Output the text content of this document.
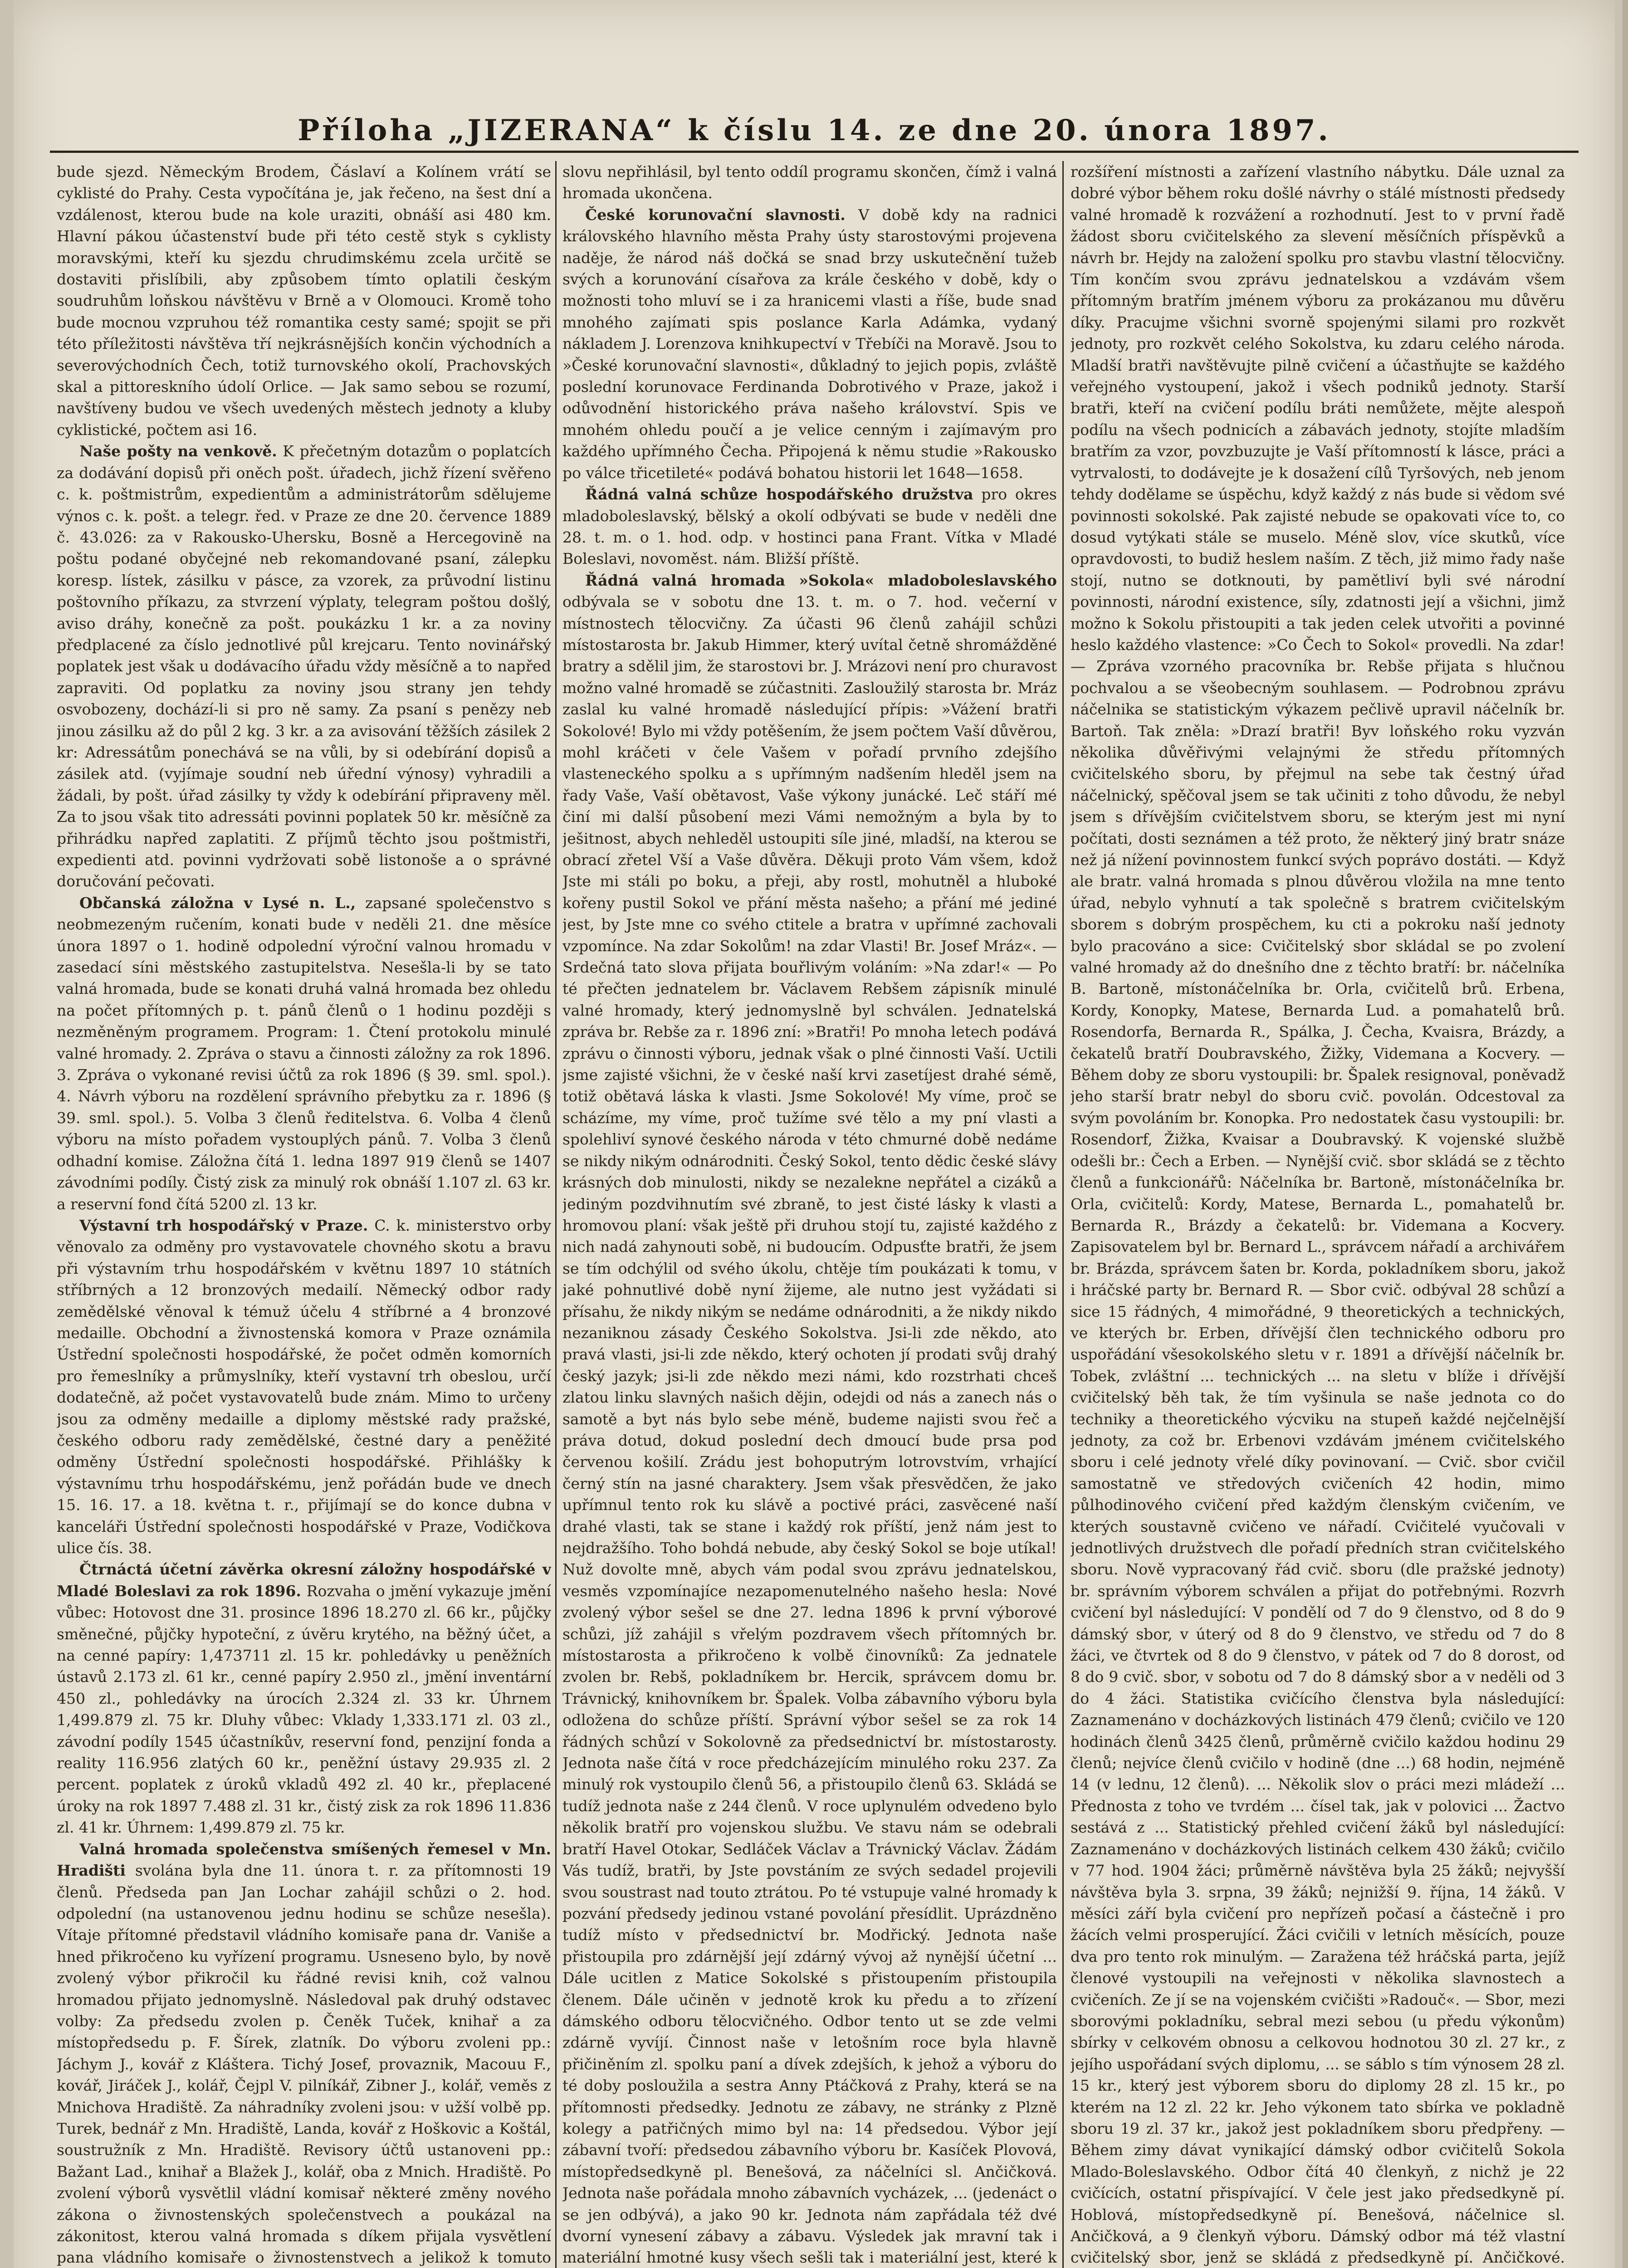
Příloha „JIZERANA“ k číslu 14. ze dne 20. února 1897.

bude sjezd. Německým Brodem, Čáslaví a Kolínem vrátí se cyklisté do Prahy. Cesta vypočítána je, jak řečeno, na šest dní a vzdálenost, kterou bude na kole uraziti, obnáší asi 480 km. Hlavní pákou účastenství bude při této cestě styk s cyklisty moravskými, kteří ku sjezdu chrudimskému zcela určitě se dostaviti přislíbili, aby způsobem tímto oplatili českým soudruhům loňskou návštěvu v Brně a v Olomouci. Kromě toho bude mocnou vzpruhou též romantika cesty samé; spojit se při této příležitosti návštěva tří nejkrásnějších končin východních a severovýchodních Čech, totiž turnovského okolí, Prachovských skal a pittoreskního údolí Orlice. — Jak samo sebou se rozumí, navštíveny budou ve všech uvedených městech jednoty a kluby cyklistické, počtem asi 16.

Naše pošty na venkově. K přečetným dotazům o poplatcích za dodávání dopisů při oněch pošt. úřadech, jichž řízení svěřeno c. k. poštmistrům, expedientům a administrátorům sdělujeme výnos c. k. pošt. a telegr. řed. v Praze ze dne 20. července 1889 č. 43.026: za v Rakousko-Uhersku, Bosně a Hercegovině na poštu podané obyčejné neb rekomandované psaní, zálepku koresp. lístek, zásilku v pásce, za vzorek, za průvodní listinu poštovního příkazu, za stvrzení výplaty, telegram poštou došlý, aviso dráhy, konečně za pošt. poukázku 1 kr. a za noviny předplacené za číslo jednotlivé půl krejcaru. Tento novinářský poplatek jest však u dodávacího úřadu vždy měsíčně a to napřed zapraviti. Od poplatku za noviny jsou strany jen tehdy osvobozeny, dochází-li si pro ně samy. Za psaní s penězy neb jinou zásilku až do půl 2 kg. 3 kr. a za avisování těžších zásilek 2 kr: Adressátům ponechává se na vůli, by si odebírání dopisů a zásilek atd. (vyjímaje soudní neb úřední výnosy) vyhradili a žádali, by pošt. úřad zásilky ty vždy k odebírání připraveny měl. Za to jsou však tito adressáti povinni poplatek 50 kr. měsíčně za přihrádku napřed zaplatiti. Z příjmů těchto jsou poštmistři, expedienti atd. povinni vydržovati sobě listonoše a o správné doručování pečovati.

Občanská záložna v Lysé n. L., zapsané společenstvo s neobmezeným ručením, konati bude v neděli 21. dne měsíce února 1897 o 1. hodině odpolední výroční valnou hromadu v zasedací síni městského zastupitelstva. Nesešla-li by se tato valná hromada, bude se konati druhá valná hromada bez ohledu na počet přítomných p. t. pánů členů o 1 hodinu později s nezměněným programem. Program: 1. Čtení protokolu minulé valné hromady. 2. Zpráva o stavu a činnosti záložny za rok 1896. 3. Zpráva o vykonané revisi účtů za rok 1896 (§ 39. sml. spol.). 4. Návrh výboru na rozdělení správního přebytku za r. 1896 (§ 39. sml. spol.). 5. Volba 3 členů ředitelstva. 6. Volba 4 členů výboru na místo pořadem vystouplých pánů. 7. Volba 3 členů odhadní komise. Záložna čítá 1. ledna 1897 919 členů se 1407 závodními podíly. Čistý zisk za minulý rok obnáší 1.107 zl. 63 kr. a reservní fond čítá 5200 zl. 13 kr.

Výstavní trh hospodářský v Praze. C. k. ministerstvo orby věnovalo za odměny pro vystavovatele chovného skotu a bravu při výstavním trhu hospodářském v květnu 1897 10 státních stříbrných a 12 bronzových medailí. Německý odbor rady zemědělské věnoval k témuž účelu 4 stříbrné a 4 bronzové medaille. Obchodní a živnostenská komora v Praze oznámila Ústřední společnosti hospodářské, že počet odměn komorních pro řemeslníky a průmyslníky, kteří vystavní trh obeslou, určí dodatečně, až počet vystavovatelů bude znám. Mimo to určeny jsou za odměny medaille a diplomy městské rady pražské, českého odboru rady zemědělské, čestné dary a peněžité odměny Ústřední společnosti hospodářské. Přihlášky k výstavnímu trhu hospodářskému, jenž pořádán bude ve dnech 15. 16. 17. a 18. května t. r., přijímají se do konce dubna v kanceláři Ústřední společnosti hospodářské v Praze, Vodičkova ulice čís. 38.

Čtrnáctá účetní závěrka okresní záložny hospodářské v Mladé Boleslavi za rok 1896. Rozvaha o jmění vykazuje jmění vůbec: Hotovost dne 31. prosince 1896 18.270 zl. 66 kr., půjčky směnečné, půjčky hypoteční, z úvěru krytého, na běžný účet, a na cenné papíry: 1,473711 zl. 15 kr. pohledávky u peněžních ústavů 2.173 zl. 61 kr., cenné papíry 2.950 zl., jmění inventární 450 zl., pohledávky na úrocích 2.324 zl. 33 kr. Úhrnem 1,499.879 zl. 75 kr. Dluhy vůbec: Vklady 1,333.171 zl. 03 zl., závodní podíly 1545 účastníkův, reservní fond, penzijní fonda a reality 116.956 zlatých 60 kr., peněžní ústavy 29.935 zl. 2 percent. poplatek z úroků vkladů 492 zl. 40 kr., přeplacené úroky na rok 1897 7.488 zl. 31 kr., čistý zisk za rok 1896 11.836 zl. 41 kr. Úhrnem: 1,499.879 zl. 75 kr.

Valná hromada společenstva smíšených řemesel v Mn. Hradišti svolána byla dne 11. února t. r. za přítomnosti 19 členů. Předseda pan Jan Lochar zahájil schůzi o 2. hod. odpolední (na ustanovenou jednu hodinu se schůze nesešla). Vítaje přítomné představil vládního komisaře pana dr. Vaniše a hned přikročeno ku vyřízení programu. Usneseno bylo, by nově zvolený výbor přikročil ku řádné revisi knih, což valnou hromadou přijato jednomyslně. Následoval pak druhý odstavec volby: Za předsedu zvolen p. Čeněk Tuček, knihař a za místopředsedu p. F. Šírek, zlatník. Do výboru zvoleni pp.: Jáchym J., kovář z Kláštera. Tichý Josef, provaznik, Macouu F., kovář, Jiráček J., kolář, Čejpl V. pilníkář, Zibner J., kolář, veměs z Mnichova Hradiště. Za náhradníky zvoleni jsou: v užší volbě pp. Turek, bednář z Mn. Hradiště, Landa, kovář z Hoškovic a Koštál, soustružník z Mn. Hradiště. Revisory účtů ustanoveni pp.: Bažant Lad., knihař a Blažek J., kolář, oba z Mnich. Hradiště. Po zvolení výborů vysvětlil vládní komisař některé změny nového zákona o živnostenských společenstvech a poukázal na zákonitost, kterou valná hromada s díkem přijala vysvětlení pana vládního komisaře o živnostenstvech a jelikož k tomuto

slovu nepřihlásil, byl tento oddíl programu skončen, čímž i valná hromada ukončena.

České korunovační slavnosti. V době kdy na radnici královského hlavního města Prahy ústy starostovými projevena naděje, že národ náš dočká se snad brzy uskutečnění tužeb svých a korunování císařova za krále českého v době, kdy o možnosti toho mluví se i za hranicemi vlasti a říše, bude snad mnohého zajímati spis poslance Karla Adámka, vydaný nákladem J. Lorenzova knihkupectví v Třebíči na Moravě. Jsou to »České korunovační slavnosti«, důkladný to jejich popis, zvláště poslední korunovace Ferdinanda Dobrotivého v Praze, jakož i odůvodnění historického práva našeho království. Spis ve mnohém ohledu poučí a je velice cenným i zajímavým pro každého upřímného Čecha. Připojená k němu studie »Rakousko po válce třicetileté« podává bohatou historii let 1648—1658.

Řádná valná schůze hospodářského družstva pro okres mladoboleslavský, bělský a okolí odbývati se bude v neděli dne 28. t. m. o 1. hod. odp. v hostinci pana Frant. Vítka v Mladé Boleslavi, novoměst. nám. Bližší příště.

Řádná valná hromada »Sokola« mladoboleslavského odbývala se v sobotu dne 13. t. m. o 7. hod. večerní v místnostech tělocvičny. Za účasti 96 členů zahájil schůzi místostarosta br. Jakub Himmer, který uvítal četně shromážděné bratry a sdělil jim, že starostovi br. J. Mrázovi není pro churavost možno valné hromadě se zúčastniti. Zasloužilý starosta br. Mráz zaslal ku valné hromadě následující přípis: »Vážení bratři Sokolové! Bylo mi vždy potěšením, že jsem počtem Vaší důvěrou, mohl kráčeti v čele Vašem v pořadí prvního zdejšího vlasteneckého spolku a s upřímným nadšením hleděl jsem na řady Vaše, Vaší obětavost, Vaše výkony junácké. Leč stáří mé činí mi další působení mezi Vámi nemožným a byla by to ješitnost, abych nehleděl ustoupiti síle jiné, mladší, na kterou se obrací zřetel Vší a Vaše důvěra. Děkuji proto Vám všem, kdož Jste mi stáli po boku, a přeji, aby rostl, mohutněl a hluboké kořeny pustil Sokol ve přání města našeho; a přání mé jediné jest, by Jste mne co svého ctitele a bratra v upřímné zachovali vzpomínce. Na zdar Sokolům! na zdar Vlasti! Br. Josef Mráz«. — Srdečná tato slova přijata bouřlivým voláním: »Na zdar!« — Po té přečten jednatelem br. Václavem Rebšem zápisník minulé valné hromady, který jednomyslně byl schválen. Jednatelská zpráva br. Rebše za r. 1896 zní: »Bratři! Po mnoha letech podává zprávu o činnosti výboru, jednak však o plné činnosti Vaší. Uctili jsme zajisté všichni, že v české naší krvi zasetíjest drahé sémě, totiž obětavá láska k vlasti. Jsme Sokolové! My víme, proč se scházíme, my víme, proč tužíme své tělo a my pní vlasti a spolehliví synové českého národa v této chmurné době nedáme se nikdy nikým odnárodniti. Český Sokol, tento dědic české slávy krásných dob minulosti, nikdy se nezalekne nepřátel a cizáků a jediným pozdvihnutím své zbraně, to jest čisté lásky k vlasti a hromovou planí: však ještě při druhou stojí tu, zajisté každého z nich nadá zahynouti sobě, ni budoucím. Odpusťte bratři, že jsem se tím odchýlil od svého úkolu, chtěje tím poukázati k tomu, v jaké pohnutlivé době nyní žijeme, ale nutno jest vyžádati si přísahu, že nikdy nikým se nedáme odnárodniti, a že nikdy nikdo nezaniknou zásady Českého Sokolstva. Jsi-li zde někdo, ato pravá vlasti, jsi-li zde někdo, který ochoten jí prodati svůj drahý český jazyk; jsi-li zde někdo mezi námi, kdo rozstrhati chceš zlatou linku slavných našich dějin, odejdi od nás a zanech nás o samotě a byt nás bylo sebe méně, budeme najisti svou řeč a práva dotud, dokud poslední dech dmoucí bude prsa pod červenou košilí. Zrádu jest bohoputrým lotrovstvím, vrhající černý stín na jasné charaktery. Jsem však přesvědčen, že jako upřímnul tento rok ku slávě a poctivé práci, zasvěcené naší drahé vlasti, tak se stane i každý rok příští, jenž nám jest to nejdražšího. Toho bohdá nebude, aby český Sokol se boje utíkal! Nuž dovolte mně, abych vám podal svou zprávu jednatelskou, vesměs vzpomínajíce nezapomenutelného našeho hesla: Nové zvolený výbor sešel se dne 27. ledna 1896 k první výborové schůzi, jíž zahájil s vřelým pozdravem všech přítomných br. místostarosta a přikročeno k volbě činovníků: Za jednatele zvolen br. Rebš, pokladníkem br. Hercik, správcem domu br. Trávnický, knihovníkem br. Špalek. Volba zábavního výboru byla odložena do schůze příští. Správní výbor sešel se za rok 14 řádných schůzí v Sokolovně za předsednictví br. místostarosty. Jednota naše čítá v roce předcházejícím minulého roku 237. Za minulý rok vystoupilo členů 56, a přistoupilo členů 63. Skládá se tudíž jednota naše z 244 členů. V roce uplynulém odvedeno bylo několik bratří pro vojenskou službu. Ve stavu nám se odebrali bratří Havel Otokar, Sedláček Václav a Trávnický Václav. Žádám Vás tudíž, bratři, by Jste povstáním ze svých sedadel projevili svou soustrast nad touto ztrátou. Po té vstupuje valné hromady k pozvání předsedy jedinou vstané povolání přesídlit. Uprázdněno tudíž místo v předsednictví br. Modřický. Jednota naše přistoupila pro zdárnější její zdárný vývoj až nynější účetní ... Dále ucitlen z Matice Sokolské s přistoupením přistoupila členem. Dále učiněn v jednotě krok ku předu a to zřízení dámského odboru tělocvičného. Odbor tento ut se zde velmi zdárně vyvíjí. Činnost naše v letošním roce byla hlavně přičiněním zl. spolku paní a dívek zdejších, k jehož a výboru do té doby posloužila a sestra Anny Ptáčková z Prahy, která se na přítomnosti předsedky. Jednotu ze zábavy, ne stránky z Plzně kolegy a patřičných mimo byl na: 14 předsedou. Výbor její zábavní tvoří: předsedou zábavního výboru br. Kasíček Plovová, místopředsedkyně pl. Benešová, za náčelníci sl. Ančičková. Jednota naše pořádala mnoho zábavních vycházek, ... (jedenáct o se jen odbývá), a jako 90 kr. Jednota nám zapřádala též dvé dvorní vynesení zábavy a zábavu. Výsledek jak mravní tak i materiální hmotné kusy všech sešli tak i materiální jest, které k

rozšíření místnosti a zařízení vlastního nábytku. Dále uznal za dobré výbor během roku došlé návrhy o stálé místnosti předsedy valné hromadě k rozvážení a rozhodnutí. Jest to v první řadě žádost sboru cvičitelského za slevení měsíčních příspěvků a návrh br. Hejdy na založení spolku pro stavbu vlastní tělocvičny. Tím končím svou zprávu jednatelskou a vzdávám všem přítomným bratřím jménem výboru za prokázanou mu důvěru díky. Pracujme všichni svorně spojenými silami pro rozkvět jednoty, pro rozkvět celého Sokolstva, ku zdaru celého národa. Mladší bratři navštěvujte pilně cvičení a účastňujte se každého veřejného vystoupení, jakož i všech podniků jednoty. Starší bratři, kteří na cvičení podílu bráti nemůžete, mějte alespoň podílu na všech podnicích a zábavách jednoty, stojíte mladším bratřím za vzor, povzbuzujte je Vaší přítomností k lásce, práci a vytrvalosti, to dodávejte je k dosažení cílů Tyršových, neb jenom tehdy dodělame se úspěchu, když každý z nás bude si vědom své povinnosti sokolské. Pak zajisté nebude se opakovati více to, co dosud vytýkati stále se muselo. Méně slov, více skutků, více opravdovosti, to budiž heslem naším. Z těch, již mimo řady naše stojí, nutno se dotknouti, by pamětliví byli své národní povinnosti, národní existence, síly, zdatnosti její a všichni, jimž možno k Sokolu přistoupiti a tak jeden celek utvořiti a povinné heslo každého vlastence: »Co Čech to Sokol« provedli. Na zdar! — Zpráva vzorného pracovníka br. Rebše přijata s hlučnou pochvalou a se všeobecným souhlasem. — Podrobnou zprávu náčelnika se statistickým výkazem pečlivě upravil náčelník br. Bartoň. Tak zněla: »Drazí bratři! Byv loňského roku vyzván několika důvěřivými velajnými že středu přítomných cvičitelského sboru, by přejmul na sebe tak čestný úřad náčelnický, spěčoval jsem se tak učiniti z toho důvodu, že nebyl jsem s dřívějším cvičitelstvem sboru, se kterým jest mi nyní počítati, dosti seznámen a též proto, že některý jiný bratr snáze než já nížení povinnostem funkcí svých poprávo dostáti. — Když ale bratr. valná hromada s plnou důvěrou vložila na mne tento úřad, nebylo vyhnutí a tak společně s bratrem cvičitelským sborem s dobrým prospěchem, ku cti a pokroku naší jednoty bylo pracováno a sice: Cvičitelský sbor skládal se po zvolení valné hromady až do dnešního dne z těchto bratří: br. náčelníka B. Bartoně, místonáčelníka br. Orla, cvičitelů brů. Erbena, Kordy, Konopky, Matese, Bernarda Lud. a pomahatelů brů. Rosendorfa, Bernarda R., Spálka, J. Čecha, Kvaisra, Brázdy, a čekatelů bratří Doubravského, Žižky, Videmana a Kocvery. — Během doby ze sboru vystoupili: br. Špalek resignoval, poněvadž jeho starší bratr nebyl do sboru cvič. povolán. Odcestoval za svým povoláním br. Konopka. Pro nedostatek času vystoupili: br. Rosendorf, Žižka, Kvaisar a Doubravský. K vojenské službě odešli br.: Čech a Erben. — Nynější cvič. sbor skládá se z těchto členů a funkcionářů: Náčelníka br. Bartoně, místonáčelníka br. Orla, cvičitelů: Kordy, Matese, Bernarda L., pomahatelů br. Bernarda R., Brázdy a čekatelů: br. Videmana a Kocvery. Zapisovatelem byl br. Bernard L., správcem nářadí a archivářem br. Brázda, správcem šaten br. Korda, pokladníkem sboru, jakož i hráčské party br. Bernard R. — Sbor cvič. odbýval 28 schůzí a sice 15 řádných, 4 mimořádné, 9 theoretických a technických, ve kterých br. Erben, dřívější člen technického odboru pro uspořádání všesokolského sletu v r. 1891 a dřívější náčelník br. Tobek, zvláštní ... technických ... na sletu v blíže i dřívější cvičitelský běh tak, že tím vyšinula se naše jednota co do techniky a theoretického výcviku na stupeň každé nejčelnější jednoty, za což br. Erbenovi vzdávám jménem cvičitelského sboru i celé jednoty vřelé díky povinovaní. — Cvič. sbor cvičil samostatně ve středových cvičeních 42 hodin, mimo půlhodinového cvičení před každým členským cvičením, ve kterých soustavně cvičeno ve nářadí. Cvičitelé vyučovali v jednotlivých družstvech dle pořadí předních stran cvičitelského sboru. Nově vypracovaný řád cvič. sboru (dle pražské jednoty) br. správním výborem schválen a přijat do potřebnými. Rozvrh cvičení byl následující: V pondělí od 7 do 9 členstvo, od 8 do 9 dámský sbor, v úterý od 8 do 9 členstvo, ve středu od 7 do 8 žáci, ve čtvrtek od 8 do 9 členstvo, v pátek od 7 do 8 dorost, od 8 do 9 cvič. sbor, v sobotu od 7 do 8 dámský sbor a v neděli od 3 do 4 žáci. Statistika cvičícího členstva byla následující: Zaznamenáno v docházkových listinách 479 členů; cvičilo ve 120 hodinách členů 3425 členů, průměrně cvičilo každou hodinu 29 členů; nejvíce členů cvičilo v hodině (dne ...) 68 hodin, nejméně 14 (v lednu, 12 členů). ... Několik slov o práci mezi mládeží ... Přednosta z toho ve tvrdém ... čísel tak, jak v polovici ... Žactvo sestává z ... Statistický přehled cvičení žáků byl následující: Zaznamenáno v docházkových listinách celkem 430 žáků; cvičilo v 77 hod. 1904 žáci; průměrně návštěva byla 25 žáků; nejvyšší návštěva byla 3. srpna, 39 žáků; nejnižší 9. října, 14 žáků. V měsíci září byla cvičení pro nepřízeň počasí a částečně i pro žácích velmi prosperující. Žáci cvičili v letních měsících, pouze dva pro tento rok minulým. — Zaražena též hráčská parta, jejíž členové vystoupili na veřejnosti v několika slavnostech a cvičeních. Ze jí se na vojenském cvičišti »Radouč«. — Sbor, mezi sborovými pokladníku, sebral mezi sebou (u předu výkonům) sbírky v celkovém obnosu a celkovou hodnotou 30 zl. 27 kr., z jejího uspořádaní svých diplomu, ... se sáblo s tím výnosem 28 zl. 15 kr., který jest výborem sboru do diplomy 28 zl. 15 kr., po kterém na 12 zl. 22 kr. Jeho výkonem tato sbírka ve pokladně sboru 19 zl. 37 kr., jakož jest pokladníkem sboru předpřeny. — Během zimy dávat vynikající dámský odbor cvičitelů Sokola Mlado-Boleslavského. Odbor čítá 40 členkyň, z nichž je 22 cvičících, ostatní přispívající. V čele jest jako předsedkyně pí. Hoblová, místopředsedkyně pí. Benešová, náčelnice sl. Ančičková, a 9 členkyň výboru. Dámský odbor má též vlastní cvičitelský sbor, jenž se skládá z předsedkyně pí. Ančičkové.
